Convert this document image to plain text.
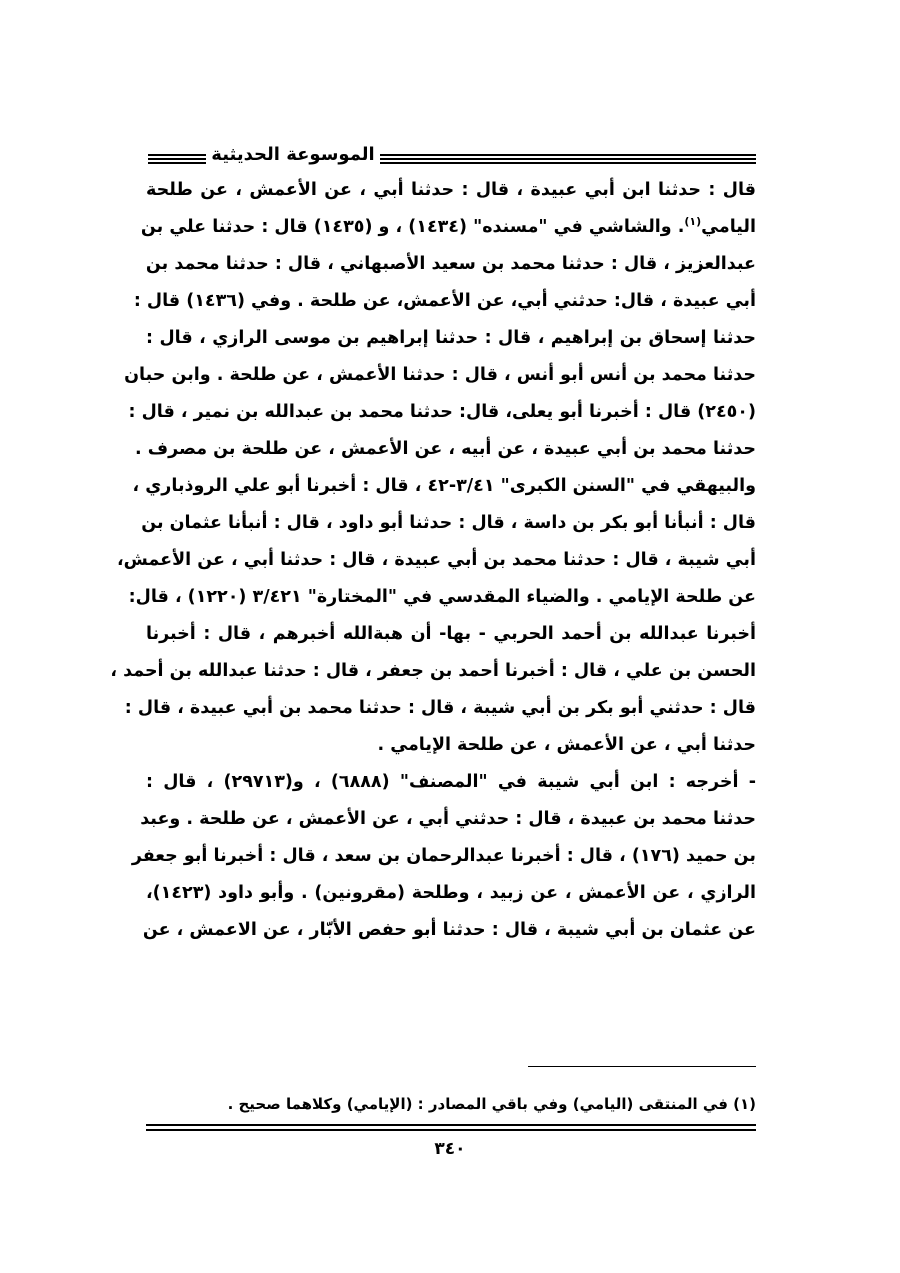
الموسوعة الحديثية
قال : حدثنا ابن أبي عبيدة ، قال : حدثنا أبي ، عن الأعمش ، عن طلحة
اليامي$^{(١)}$. والشاشي في "مسنده" (١٤٣٤) ، و (١٤٣٥) قال : حدثنا علي بن
عبدالعزيز ، قال : حدثنا محمد بن سعيد الأصبهاني ، قال : حدثنا محمد بن
أبي عبيدة ، قال: حدثني أبي، عن الأعمش، عن طلحة . وفي (١٤٣٦) قال :
حدثنا إسحاق بن إبراهيم ، قال : حدثنا إبراهيم بن موسى الرازي ، قال :
حدثنا محمد بن أنس أبو أنس ، قال : حدثنا الأعمش ، عن طلحة . وابن حبان
(٢٤٥٠) قال : أخبرنا أبو يعلى، قال: حدثنا محمد بن عبدالله بن نمير ، قال :
حدثنا محمد بن أبي عبيدة ، عن أبيه ، عن الأعمش ، عن طلحة بن مصرف .
والبيهقي في "السنن الكبرى" ٣/٤١-٤٢ ، قال : أخبرنا أبو علي الروذباري ،
قال : أنبأنا أبو بكر بن داسة ، قال : حدثنا أبو داود ، قال : أنبأنا عثمان بن
أبي شيبة ، قال : حدثنا محمد بن أبي عبيدة ، قال : حدثنا أبي ، عن الأعمش،
عن طلحة الإيامي . والضياء المقدسي في "المختارة" ٣/٤٢١ (١٢٢٠) ، قال:
أخبرنا عبدالله بن أحمد الحربي - بها- أن هبةالله أخبرهم ، قال : أخبرنا
الحسن بن علي ، قال : أخبرنا أحمد بن جعفر ، قال : حدثنا عبدالله بن أحمد ،
قال : حدثني أبو بكر بن أبي شيبة ، قال : حدثنا محمد بن أبي عبيدة ، قال :
حدثنا أبي ، عن الأعمش ، عن طلحة الإيامي .
- أخرجه : ابن أبي شيبة في "المصنف" (٦٨٨٨) ، و(٢٩٧١٣) ، قال :
حدثنا محمد بن عبيدة ، قال : حدثني أبي ، عن الأعمش ، عن طلحة . وعبد
بن حميد (١٧٦) ، قال : أخبرنا عبدالرحمان بن سعد ، قال : أخبرنا أبو جعفر
الرازي ، عن الأعمش ، عن زبيد ، وطلحة (مقرونين) . وأبو داود (١٤٢٣)،
عن عثمان بن أبي شيبة ، قال : حدثنا أبو حفص الأبّار ، عن الاعمش ، عن
(١) في المنتقى (اليامي) وفي باقي المصادر : (الإيامي) وكلاهما صحيح .
٣٤٠
